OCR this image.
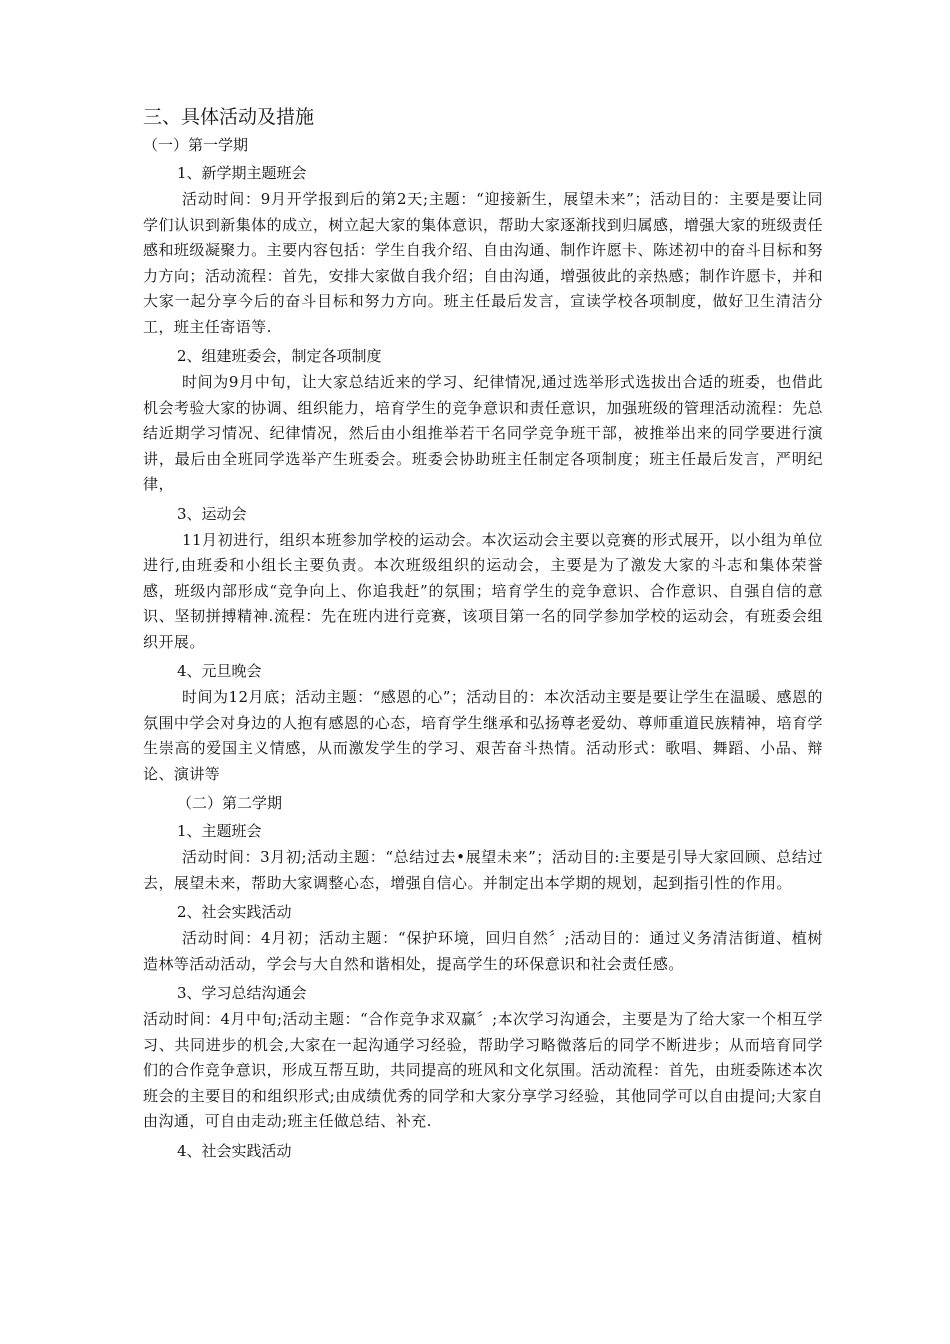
三、具体活动及措施
（一）第一学期
1、新学期主题班会

活动时间：9月开学报到后的第2天;主题：“迎接新生，展望未来”；活动目的：主要是要让同学们认识到新集体的成立，树立起大家的集体意识，帮助大家逐渐找到归属感，增强大家的班级责任感和班级凝聚力。主要内容包括：学生自我介绍、自由沟通、制作许愿卡、陈述初中的奋斗目标和努力方向；活动流程：首先，安排大家做自我介绍；自由沟通，增强彼此的亲热感；制作许愿卡，并和大家一起分享今后的奋斗目标和努力方向。班主任最后发言，宣读学校各项制度，做好卫生清洁分工，班主任寄语等.

2、组建班委会，制定各项制度

时间为9月中旬，让大家总结近来的学习、纪律情况,通过选举形式选拔出合适的班委，也借此机会考验大家的协调、组织能力，培育学生的竞争意识和责任意识，加强班级的管理活动流程：先总结近期学习情况、纪律情况，然后由小组推举若干名同学竞争班干部，被推举出来的同学要进行演讲，最后由全班同学选举产生班委会。班委会协助班主任制定各项制度；班主任最后发言，严明纪律，

3、运动会

11月初进行，组织本班参加学校的运动会。本次运动会主要以竞赛的形式展开，以小组为单位进行,由班委和小组长主要负责。本次班级组织的运动会，主要是为了激发大家的斗志和集体荣誉感，班级内部形成“竞争向上、你追我赶”的氛围；培育学生的竞争意识、合作意识、自强自信的意识、坚韧拼搏精神.流程：先在班内进行竞赛，该项目第一名的同学参加学校的运动会，有班委会组织开展。

4、元旦晚会

时间为12月底；活动主题：“感恩的心”；活动目的：本次活动主要是要让学生在温暖、感恩的氛围中学会对身边的人抱有感恩的心态，培育学生继承和弘扬尊老爱幼、尊师重道民族精神，培育学生崇高的爱国主义情感，从而激发学生的学习、艰苦奋斗热情。活动形式：歌唱、舞蹈、小品、辩论、演讲等

（二）第二学期
1、主题班会

活动时间：3月初;活动主题：“总结过去•展望未来”；活动目的:主要是引导大家回顾、总结过去，展望未来，帮助大家调整心态，增强自信心。并制定出本学期的规划，起到指引性的作用。

2、社会实践活动

活动时间：4月初；活动主题：“保护环境，回归自然〞;活动目的：通过义务清洁街道、植树造林等活动活动，学会与大自然和谐相处，提高学生的环保意识和社会责任感。

3、学习总结沟通会

活动时间：4月中旬;活动主题：“合作竞争求双赢〞;本次学习沟通会，主要是为了给大家一个相互学习、共同进步的机会,大家在一起沟通学习经验，帮助学习略微落后的同学不断进步；从而培育同学们的合作竞争意识，形成互帮互助，共同提高的班风和文化氛围。活动流程：首先，由班委陈述本次班会的主要目的和组织形式;由成绩优秀的同学和大家分享学习经验，其他同学可以自由提问;大家自由沟通，可自由走动;班主任做总结、补充.

4、社会实践活动
